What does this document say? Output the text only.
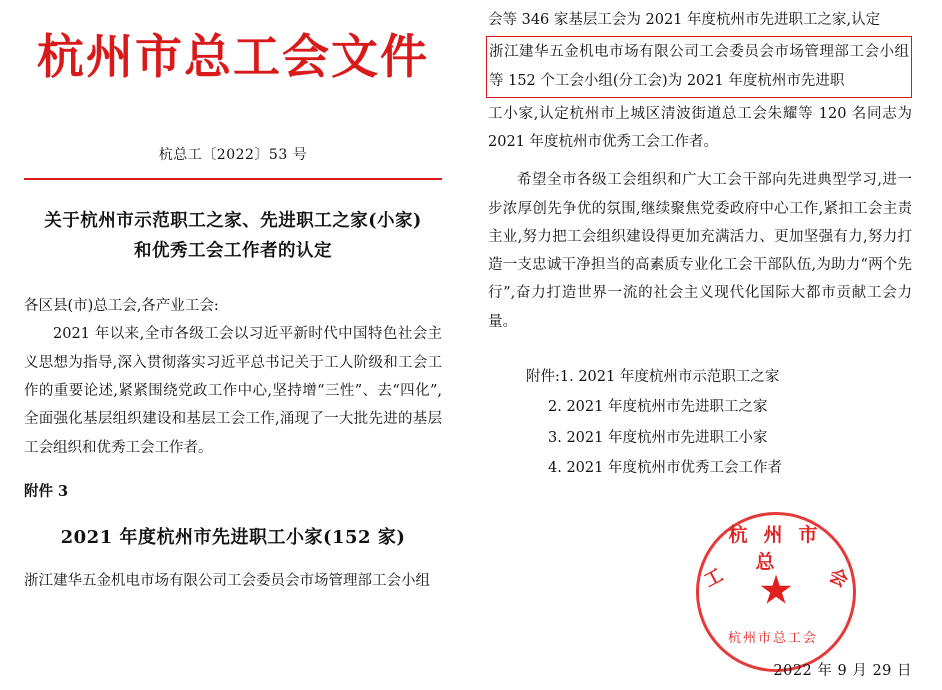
杭州市总工会文件
杭总工〔2022〕53 号
关于杭州市示范职工之家、先进职工之家(小家)
和优秀工会工作者的认定
各区县(市)总工会,各产业工会:

2021 年以来,全市各级工会以习近平新时代中国特色社会主义思想为指导,深入贯彻落实习近平总书记关于工人阶级和工会工作的重要论述,紧紧围绕党政工作中心,坚持增“三性”、去“四化”,全面强化基层组织建设和基层工会工作,涌现了一大批先进的基层工会组织和优秀工会工作者。

附件 3
2021 年度杭州市先进职工小家(152 家)
浙江建华五金机电市场有限公司工会委员会市场管理部工会小组

会等 346 家基层工会为 2021 年度杭州市先进职工之家,认定

浙江建华五金机电市场有限公司工会委员会市场管理部工会小组等 152 个工会小组(分工会)为 2021 年度杭州市先进职

工小家,认定杭州市上城区清波街道总工会朱耀等 120 名同志为 2021 年度杭州市优秀工会工作者。

希望全市各级工会组织和广大工会干部向先进典型学习,进一步浓厚创先争优的氛围,继续聚焦党委政府中心工作,紧扣工会主责主业,努力把工会组织建设得更加充满活力、更加坚强有力,努力打造一支忠诚干净担当的高素质专业化工会干部队伍,为助力“两个先行”,奋力打造世界一流的社会主义现代化国际大都市贡献工会力量。

附件:1. 2021 年度杭州市示范职工之家
2. 2021 年度杭州市先进职工之家
3. 2021 年度杭州市先进职工小家
4. 2021 年度杭州市优秀工会工作者
杭州市总
工	会
★
杭州市总工会
2022 年 9 月 29 日
